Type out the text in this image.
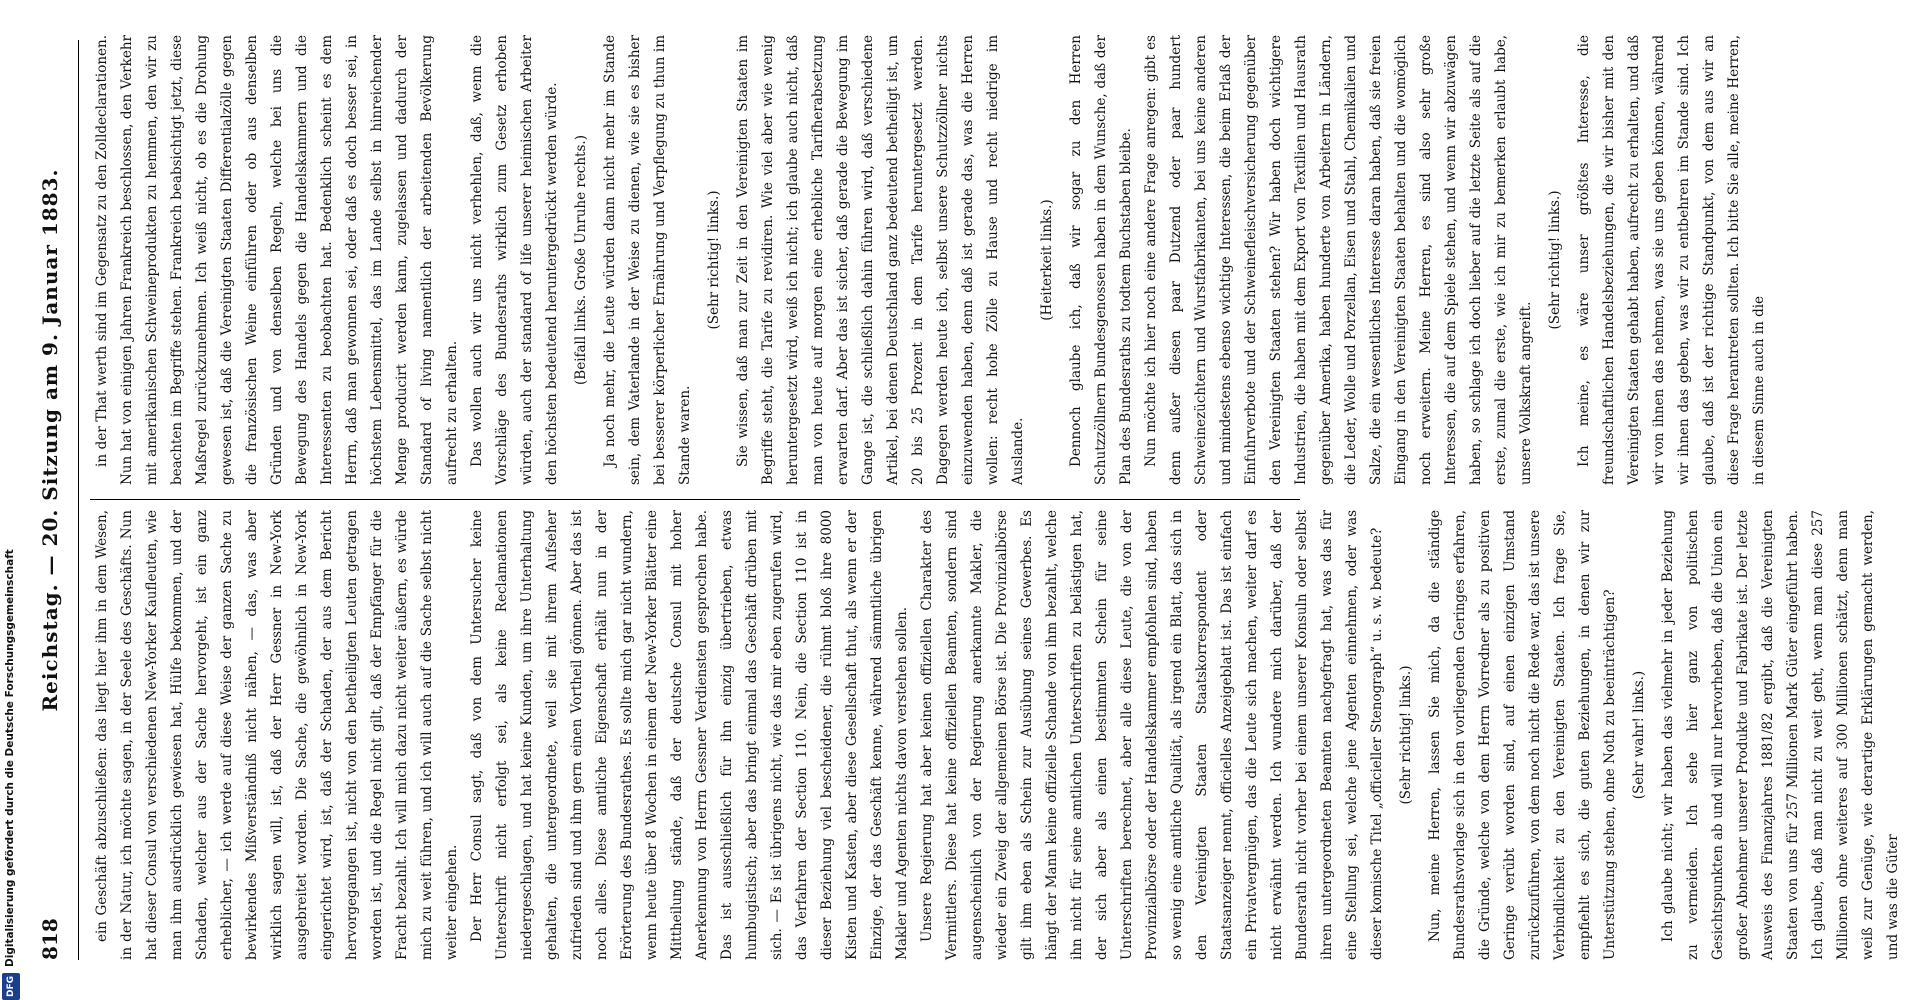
818
Reichstag. — 20. Sitzung am 9. Januar 1883.

ein Geschäft abzuschließen: das liegt hier ihm in dem Wesen, in der Natur, ich möchte sagen, in der Seele des Geschäfts. Nun hat dieser Consul von verschiedenen New-Yorker Kaufleuten, wie man ihm ausdrücklich gewiesen hat, Hülfe bekommen, und der Schaden, welcher aus der Sache hervorgeht, ist ein ganz erheblicher, — ich werde auf diese Weise der ganzen Sache zu bewirkendes Mißverständniß nicht nähen, — das, was aber wirklich sagen will, ist, daß der Herr Gessner in New-York ausgebreitet worden. Die Sache, die gewöhnlich in New-York eingerichtet wird, ist, daß der Schaden, der aus dem Bericht hervorgegangen ist, nicht von den betheiligten Leuten getragen worden ist, und die Regel nicht gilt, daß der Empfänger für die Fracht bezahlt. Ich will mich dazu nicht weiter äußern, es würde mich zu weit führen, und ich will auch auf die Sache selbst nicht weiter eingehen. Der Herr Consul sagt, daß von dem Untersucher keine Unterschrift nicht erfolgt sei, als keine Reclamationen niedergeschlagen, und hat keine Kunden, um ihre Unterhaltung gehalten, die untergeordnete, weil sie mit ihrem Aufseher zufrieden sind und ihm gern einen Vortheil gönnen. Aber das ist noch alles. Diese amtliche Eigenschaft erhält nun in der Erörterung des Bundesrathes. Es sollte mich gar nicht wundern, wenn heute über 8 Wochen in einem der New-Yorker Blätter eine Mittheilung stände, daß der deutsche Consul mit hoher Anerkennung von Herrn Gessner Verdiensten gesprochen habe. Das ist ausschließlich für ihn einzig übertrieben, etwas humbugistisch; aber das bringt einmal das Geschäft drüben mit sich. — Es ist übrigens nicht, wie das mir eben zugerufen wird, das Verfahren der Section 110. Nein, die Section 110 ist in dieser Beziehung viel bescheidener, die rühmt bloß ihre 8000 Kisten und Kasten, aber diese Gesellschaft thut, als wenn er der Einzige, der das Geschäft kenne, während sämmtliche übrigen Makler und Agenten nichts davon verstehen sollen. Unsere Regierung hat aber keinen offiziellen Charakter des Vermittlers. Diese hat keine offiziellen Beamten, sondern sind augenscheinlich von der Regierung anerkannte Makler, die wieder ein Zweig der allgemeinen Börse ist. Die Provinzialbörse gilt ihm eben als Schein zur Ausübung seines Gewerbes. Es hängt der Mann keine offizielle Schande von ihm bezahlt, welche ihn nicht für seine amtlichen Unterschriften zu belästigen hat, der sich aber als einen bestimmten Schein für seine Unterschriften berechnet, aber alle diese Leute, die von der Provinzialbörse oder der Handelskammer empfohlen sind, haben so wenig eine amtliche Qualität, als irgend ein Blatt, das sich in den Vereinigten Staaten Staatskorrespondent oder Staatsanzeiger nennt, officielles Anzeigeblatt ist. Das ist einfach ein Privatvergnügen, das die Leute sich machen, weiter darf es nicht erwähnt werden. Ich wundere mich darüber, daß der Bundesrath nicht vorher bei einem unserer Konsuln oder selbst ihren untergeordneten Beamten nachgefragt hat, was das für eine Stellung sei, welche jene Agenten einnehmen, oder was dieser komische Titel „officieller Stenograph“ u. s. w. bedeute? (Sehr richtig! links.) Nun, meine Herren, lassen Sie mich, da die ständige Bundesrathsvorlage sich in den vorliegenden Geringes erfahren, die Gründe, welche von dem Herrn Vorredner als zu positiven Geringe verübt worden sind, auf einen einzigen Umstand zurückzuführen, von dem noch nicht die Rede war, das ist unsere Verbindlichkeit zu den Vereinigten Staaten. Ich frage Sie, empfiehlt es sich, die guten Beziehungen, in denen wir zur Unterstützung stehen, ohne Noth zu beeinträchtigen? (Sehr wahr! links.) Ich glaube nicht; wir haben das vielmehr in jeder Beziehung zu vermeiden. Ich sehe hier ganz von politischen Gesichtspunkten ab und will nur hervorheben, daß die Union ein großer Abnehmer unserer Produkte und Fabrikate ist. Der letzte Ausweis des Finanzjahres 1881/82 ergibt, daß die Vereinigten Staaten von uns für 257 Millionen Mark Güter eingeführt haben. Ich glaube, daß man nicht zu weit geht, wenn man diese 257 Millionen ohne weiteres auf 300 Millionen schätzt, denn man weiß zur Genüge, wie derartige Erklärungen gemacht werden, und was die Güter

in der That werth sind im Gegensatz zu den Zolldeclarationen. Nun hat von einigen Jahren Frankreich beschlossen, den Verkehr mit amerikanischen Schweineprodukten zu hemmen, den wir zu beachten im Begriffe stehen. Frankreich beabsichtigt jetzt, diese Maßregel zurückzunehmen. Ich weiß nicht, ob es die Drohung gewesen ist, daß die Vereinigten Staaten Differentialzölle gegen die französischen Weine einführen oder ob aus denselben Gründen und von denselben Regeln, welche bei uns die Bewegung des Handels gegen die Handelskammern und die Interessenten zu beobachten hat. Bedenklich scheint es dem Herrn, daß man gewonnen sei, oder daß es doch besser sei, in höchstem Lebensmittel, das im Lande selbst in hinreichender Menge producirt werden kann, zugelassen und dadurch der Standard of living namentlich der arbeitenden Bevölkerung aufrecht zu erhalten. Das wollen auch wir uns nicht verhehlen, daß, wenn die Vorschläge des Bundesraths wirklich zum Gesetz erhoben würden, auch der standard of life unserer heimischen Arbeiter den höchsten bedeutend heruntergedrückt werden würde. (Beifall links. Große Unruhe rechts.) Ja noch mehr, die Leute würden dann nicht mehr im Stande sein, dem Vaterlande in der Weise zu dienen, wie sie es bisher bei besserer körperlicher Ernährung und Verpflegung zu thun im Stande waren.

(Sehr richtig! links.) Sie wissen, daß man zur Zeit in den Vereinigten Staaten im Begriffe steht, die Tarife zu revidiren. Wie viel aber wie wenig heruntergesetzt wird, weiß ich nicht; ich glaube auch nicht, daß man von heute auf morgen eine erhebliche Tarifherabsetzung erwarten darf. Aber das ist sicher, daß gerade die Bewegung im Gange ist, die schließlich dahin führen wird, daß verschiedene Artikel, bei denen Deutschland ganz bedeutend betheiligt ist, um 20 bis 25 Prozent in dem Tarife heruntergesetzt werden. Dagegen werden heute ich, selbst unsere Schutzzöllner nichts einzuwenden haben, denn daß ist gerade das, was die Herren wollen: recht hohe Zölle zu Hause und recht niedrige im Auslande.

(Heiterkeit links.) Dennoch glaube ich, daß wir sogar zu den Herren Schutzzöllnern Bundesgenossen haben in dem Wunsche, daß der Plan des Bundesraths zu todtem Buchstaben bleibe. Nun möchte ich hier noch eine andere Frage anregen: gibt es denn außer diesen paar Dutzend oder paar hundert Schweinezüchtern und Wurstfabrikanten, bei uns keine anderen und mindestens ebenso wichtige Interessen, die beim Erlaß der Einfuhrverbote und der Schweinefleischversicherung gegenüber den Vereinigten Staaten stehen? Wir haben doch wichtigere Industrien, die haben mit dem Export von Textilien und Hausrath gegenüber Amerika, haben hunderte von Arbeitern in Ländern, die Leder, Wolle und Porzellan, Eisen und Stahl, Chemikalien und Salze, die ein wesentliches Interesse daran haben, daß sie freien Eingang in den Vereinigten Staaten behalten und die womöglich noch erweitern. Meine Herren, es sind also sehr große Interessen, die auf dem Spiele stehen, und wenn wir abzuwägen haben, so schlage ich doch lieber auf die letzte Seite als auf die erste, zumal die erste, wie ich mir zu bemerken erlaubt habe, unsere Volkskraft angreift.

(Sehr richtig! links.) Ich meine, es wäre unser größtes Interesse, die freundschaftlichen Handelsbeziehungen, die wir bisher mit den Vereinigten Staaten gehabt haben, aufrecht zu erhalten, und daß wir von ihnen das nehmen, was sie uns geben können, während wir ihnen das geben, was wir zu entbehren im Stande sind. Ich glaube, daß ist der richtige Standpunkt, von dem aus wir an diese Frage herantreten sollten. Ich bitte Sie alle, meine Herren, in diesem Sinne auch in die

DFGDigitalisierung gefördert durch die Deutsche Forschungsgemeinschaft
